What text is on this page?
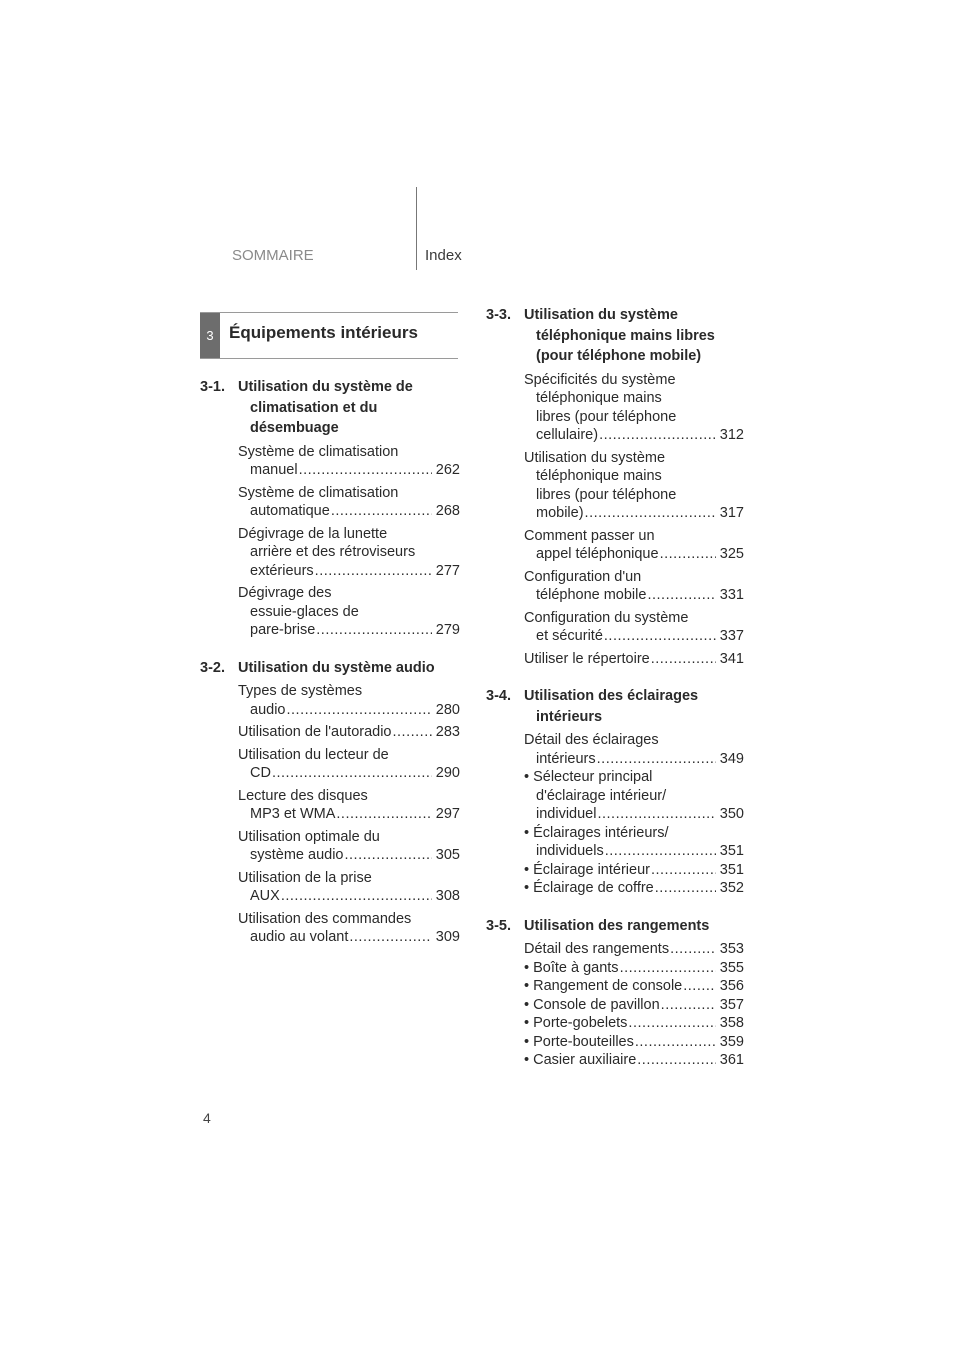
SOMMAIRE	Index
3 Équipements intérieurs
3-1. Utilisation du système de climatisation et du désembuage
Système de climatisation
manuel .....	262
Système de climatisation
automatique .....	268
Dégivrage de la lunette
arrière et des rétroviseurs
extérieurs .....	277
Dégivrage des
essuie-glaces de
pare-brise .....	279
3-2. Utilisation du système audio
Types de systèmes
audio .....	280
Utilisation de l'autoradio .....	283
Utilisation du lecteur de
CD .....	290
Lecture des disques
MP3 et WMA .....	297
Utilisation optimale du
système audio .....	305
Utilisation de la prise
AUX .....	308
Utilisation des commandes
audio au volant .....	309
3-3. Utilisation du système téléphonique mains libres (pour téléphone mobile)
Spécificités du système
téléphonique mains
libres (pour téléphone
cellulaire) .....	312
Utilisation du système
téléphonique mains
libres (pour téléphone
mobile) .....	317
Comment passer un
appel téléphonique .....	325
Configuration d'un
téléphone mobile .....	331
Configuration du système
et sécurité .....	337
Utiliser le répertoire .....	341
3-4. Utilisation des éclairages intérieurs
Détail des éclairages
intérieurs .....	349
• Sélecteur principal
d'éclairage intérieur/
individuel .....	350
• Éclairages intérieurs/
individuels .....	351
• Éclairage intérieur .....	351
• Éclairage de coffre .....	352
3-5. Utilisation des rangements
Détail des rangements .....	353
• Boîte à gants .....	355
• Rangement de console .....	356
• Console de pavillon .....	357
• Porte-gobelets .....	358
• Porte-bouteilles .....	359
• Casier auxiliaire .....	361
4
